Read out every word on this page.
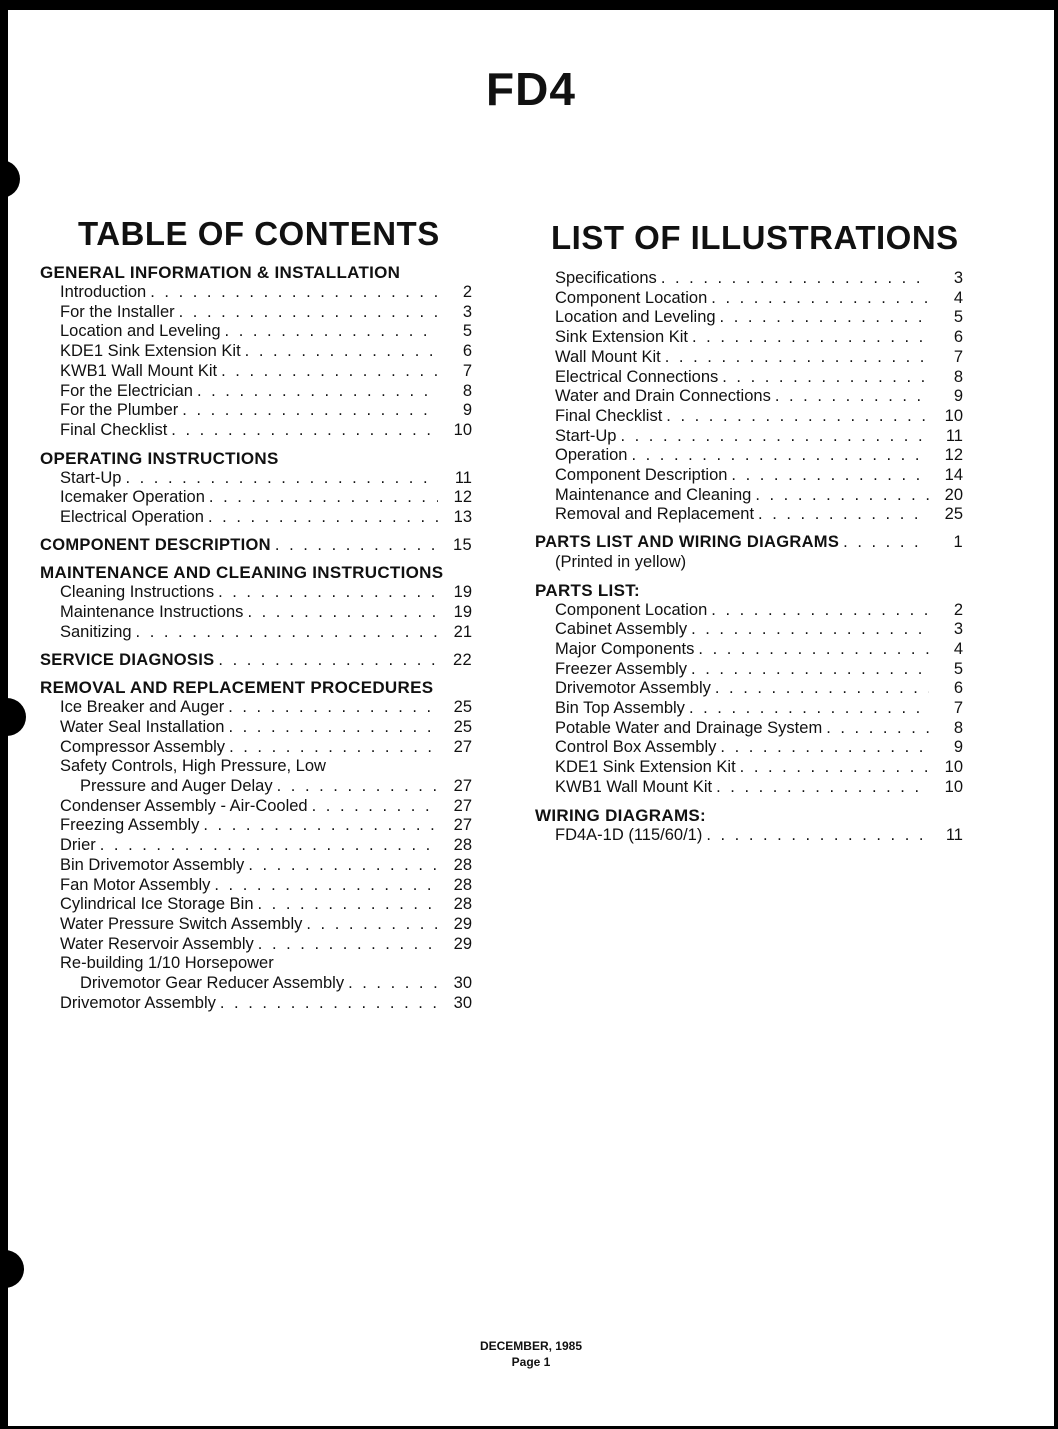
FD4
TABLE OF CONTENTS
GENERAL INFORMATION & INSTALLATION
Introduction . . .	2
For the Installer . . .	3
Location and Leveling . . .	5
KDE1 Sink Extension Kit . . .	6
KWB1 Wall Mount Kit . . .	7
For the Electrician . . .	8
For the Plumber . . .	9
Final Checklist . . .	10
OPERATING INSTRUCTIONS
Start-Up . . .	11
Icemaker Operation . . .	12
Electrical Operation . . .	13
COMPONENT DESCRIPTION . . .	15
MAINTENANCE AND CLEANING INSTRUCTIONS
Cleaning Instructions . . .	19
Maintenance Instructions . . .	19
Sanitizing . . .	21
SERVICE DIAGNOSIS . . .	22
REMOVAL AND REPLACEMENT PROCEDURES
Ice Breaker and Auger . . .	25
Water Seal Installation . . .	25
Compressor Assembly . . .	27
Safety Controls, High Pressure, Low
Pressure and Auger Delay . . .	27
Condenser Assembly - Air-Cooled . . .	27
Freezing Assembly . . .	27
Drier . . .	28
Bin Drivemotor Assembly . . .	28
Fan Motor Assembly . . .	28
Cylindrical Ice Storage Bin . . .	28
Water Pressure Switch Assembly . . .	29
Water Reservoir Assembly . . .	29
Re-building 1/10 Horsepower
Drivemotor Gear Reducer Assembly . . .	30
Drivemotor Assembly . . .	30
LIST OF ILLUSTRATIONS
Specifications . . .	3
Component Location . . .	4
Location and Leveling . . .	5
Sink Extension Kit . . .	6
Wall Mount Kit . . .	7
Electrical Connections . . .	8
Water and Drain Connections . . .	9
Final Checklist . . .	10
Start-Up . . .	11
Operation . . .	12
Component Description . . .	14
Maintenance and Cleaning . . .	20
Removal and Replacement . . .	25
PARTS LIST AND WIRING DIAGRAMS . . .	1
(Printed in yellow)
PARTS LIST:
Component Location . . .	2
Cabinet Assembly . . .	3
Major Components . . .	4
Freezer Assembly . . .	5
Drivemotor Assembly . . .	6
Bin Top Assembly . . .	7
Potable Water and Drainage System . . .	8
Control Box Assembly . . .	9
KDE1 Sink Extension Kit . . .	10
KWB1 Wall Mount Kit . . .	10
WIRING DIAGRAMS:
FD4A-1D (115/60/1) . . .	11
DECEMBER, 1985
Page 1
